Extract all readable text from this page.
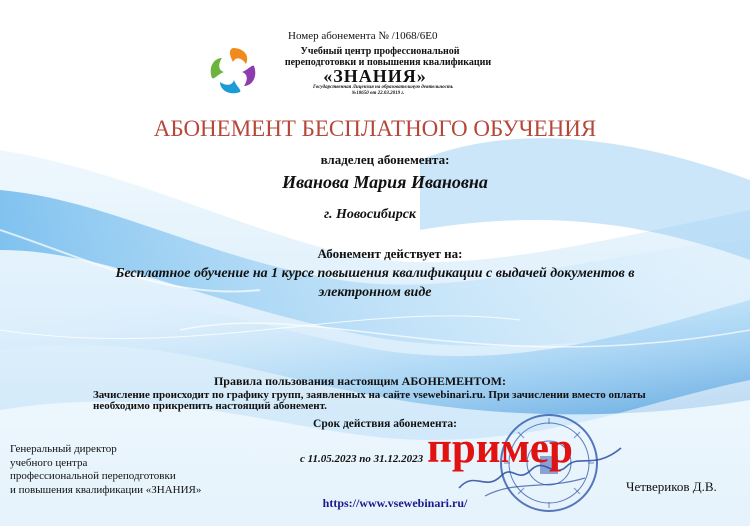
Номер абонемента № /1068/6Е0
Учебный центр профессиональной
переподготовки и повышения квалификации
«ЗНАНИЯ»
Государственная Лицензия на образовательную деятельность
№18650 от 22.03.2019 г.
АБОНЕМЕНТ БЕСПЛАТНОГО ОБУЧЕНИЯ
владелец абонемента:
Иванова Мария Ивановна
г. Новосибирск
Абонемент действует на:
Бесплатное обучение на 1 курсе повышения квалификации с выдачей документов в
электронном виде
Правила пользования настоящим АБОНЕМЕНТОМ:
Зачисление происходит по графику групп, заявленных на сайте vsewebinari.ru. При зачислении вместо оплаты
необходимо прикрепить настоящий абонемент.
Срок действия абонемента:
с 11.05.2023 по 31.12.2023
Генеральный директор
учебного центра
профессиональной переподготовки
и повышения квалификации «ЗНАНИЯ»
пример
Четвериков Д.В.
https://www.vsewebinari.ru/
